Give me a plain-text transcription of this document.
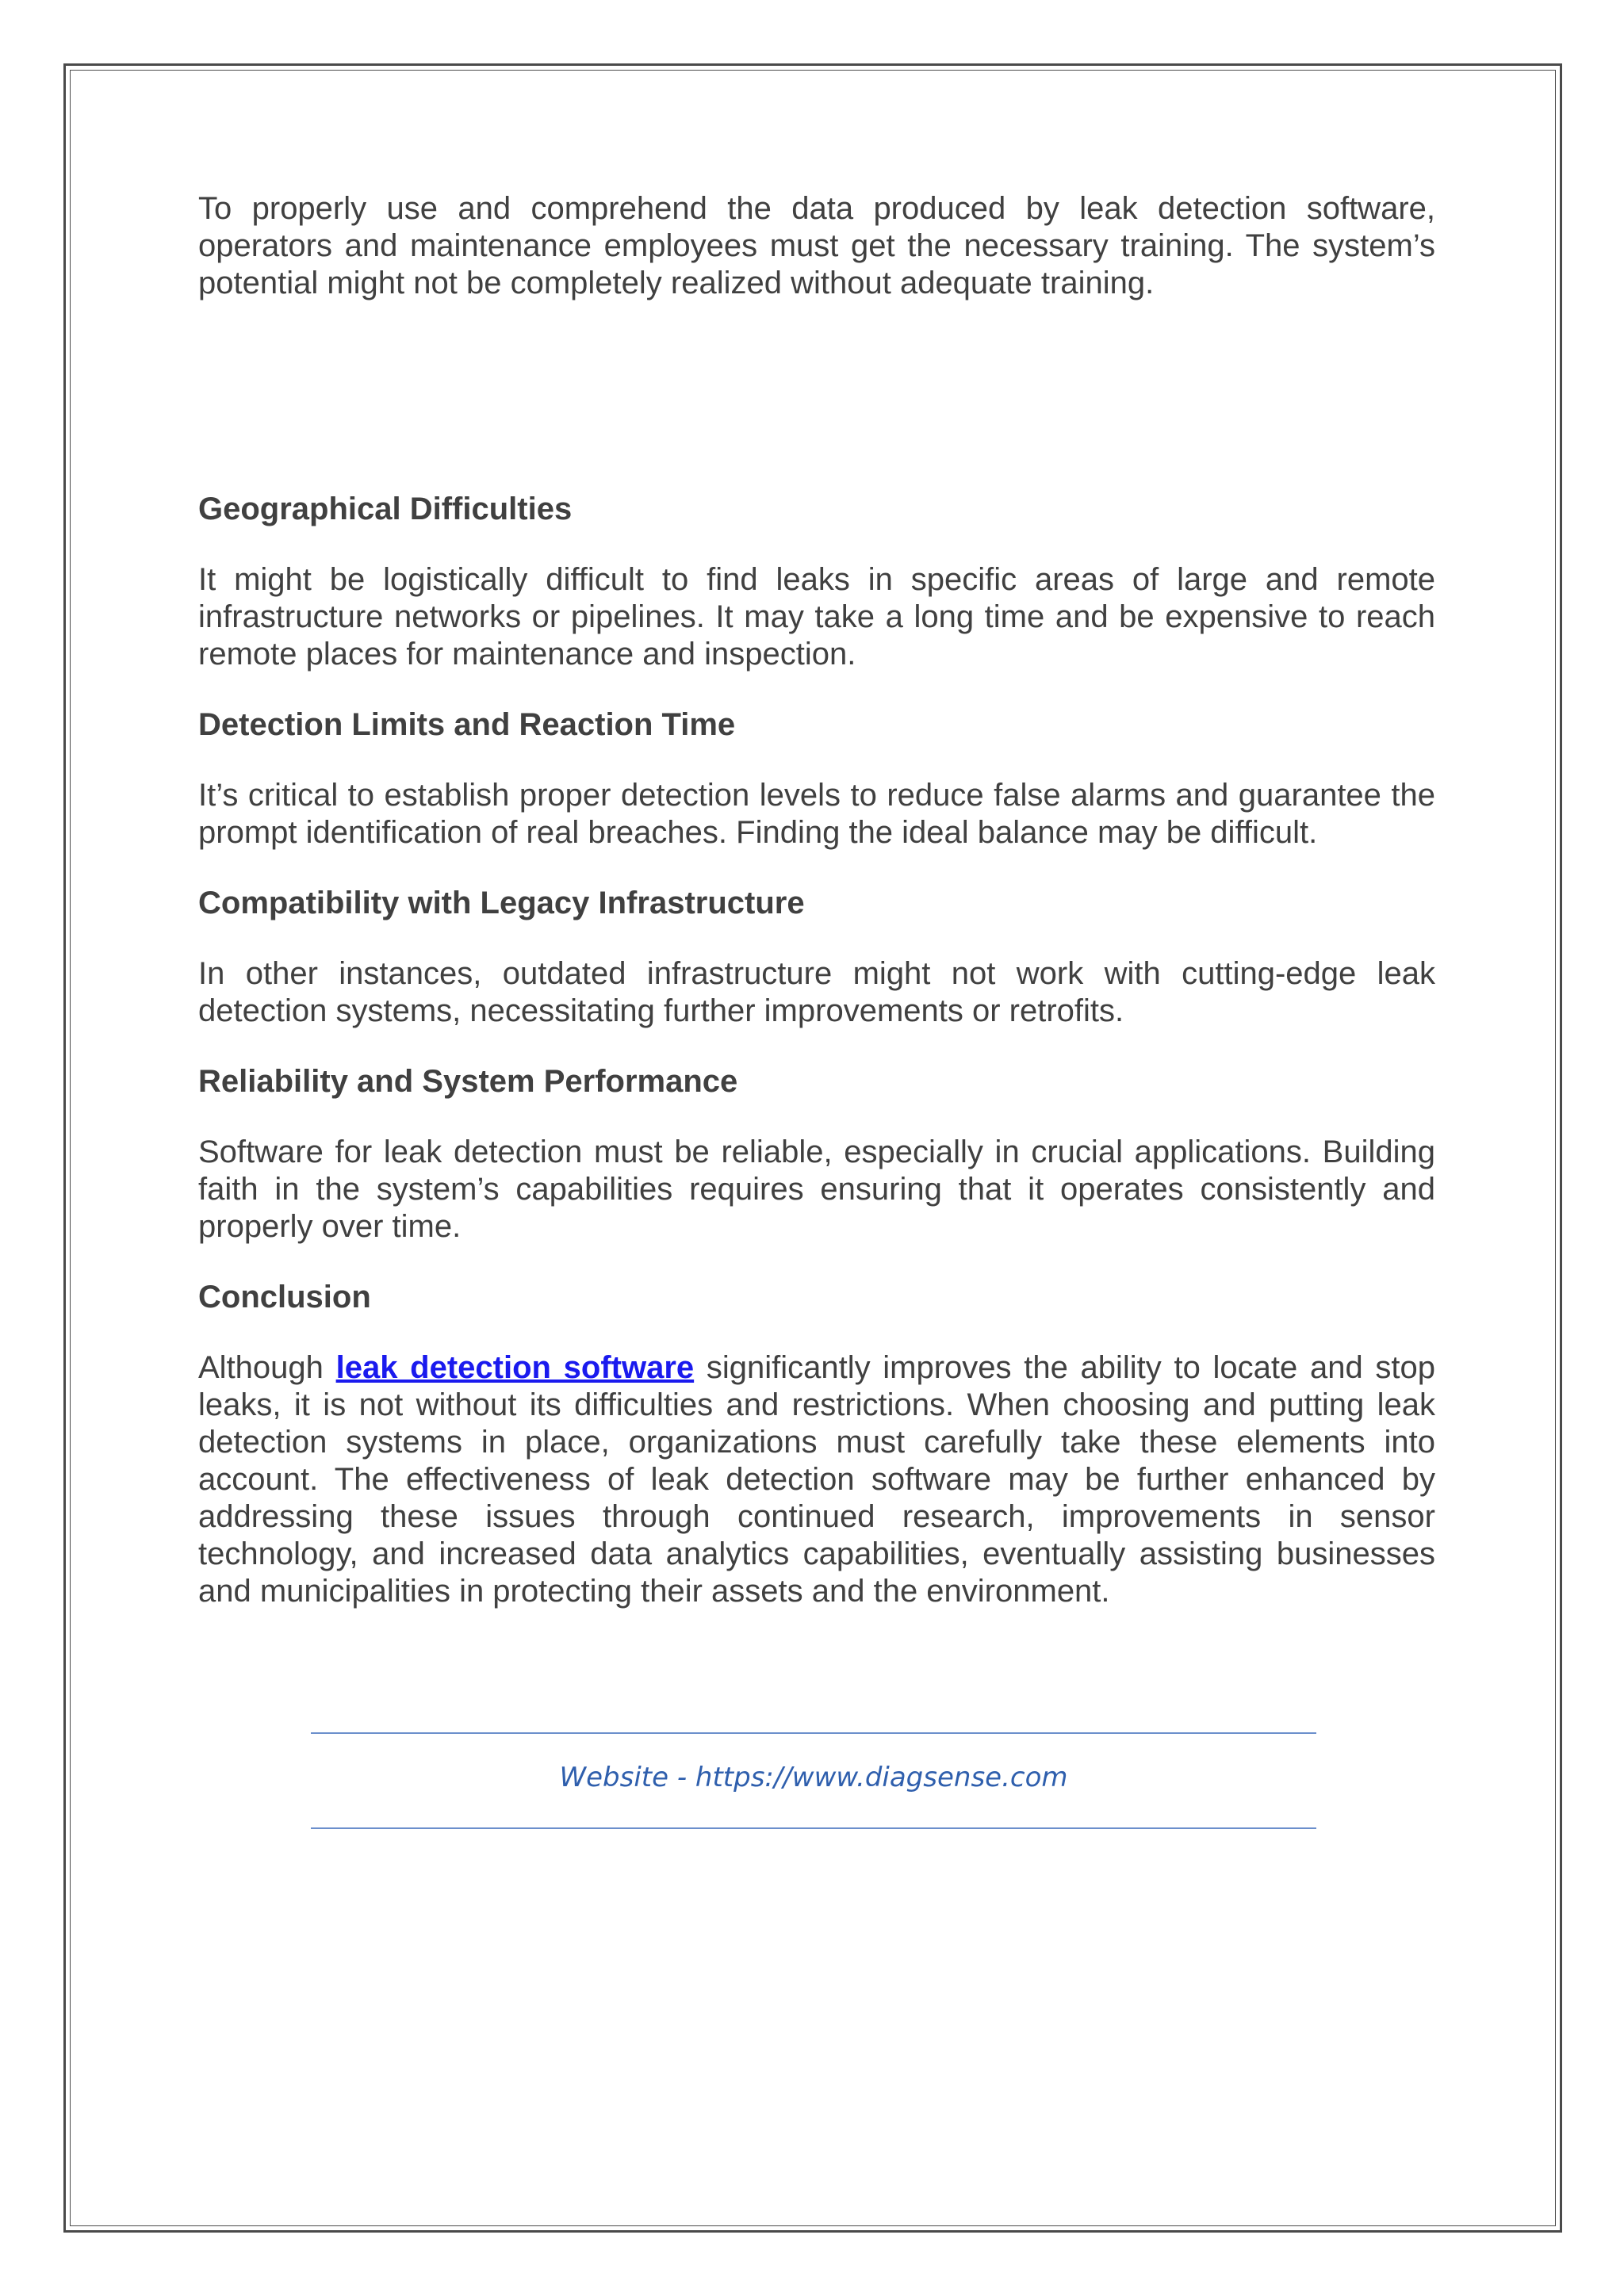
To properly use and comprehend the data produced by leak detection software, operators and maintenance employees must get the necessary training. The system’s potential might not be completely realized without adequate training.

Geographical Difficulties

It might be logistically difficult to find leaks in specific areas of large and remote infrastructure networks or pipelines. It may take a long time and be expensive to reach remote places for maintenance and inspection.

Detection Limits and Reaction Time

It’s critical to establish proper detection levels to reduce false alarms and guarantee the prompt identification of real breaches. Finding the ideal balance may be difficult.

Compatibility with Legacy Infrastructure

In other instances, outdated infrastructure might not work with cutting-edge leak detection systems, necessitating further improvements or retrofits.

Reliability and System Performance

Software for leak detection must be reliable, especially in crucial applications. Building faith in the system’s capabilities requires ensuring that it operates consistently and properly over time.

Conclusion

Although leak detection software significantly improves the ability to locate and stop leaks, it is not without its difficulties and restrictions. When choosing and putting leak detection systems in place, organizations must carefully take these elements into account. The effectiveness of leak detection software may be further enhanced by addressing these issues through continued research, improvements in sensor technology, and increased data analytics capabilities, eventually assisting businesses and municipalities in protecting their assets and the environment.

Website - https://www.diagsense.com
